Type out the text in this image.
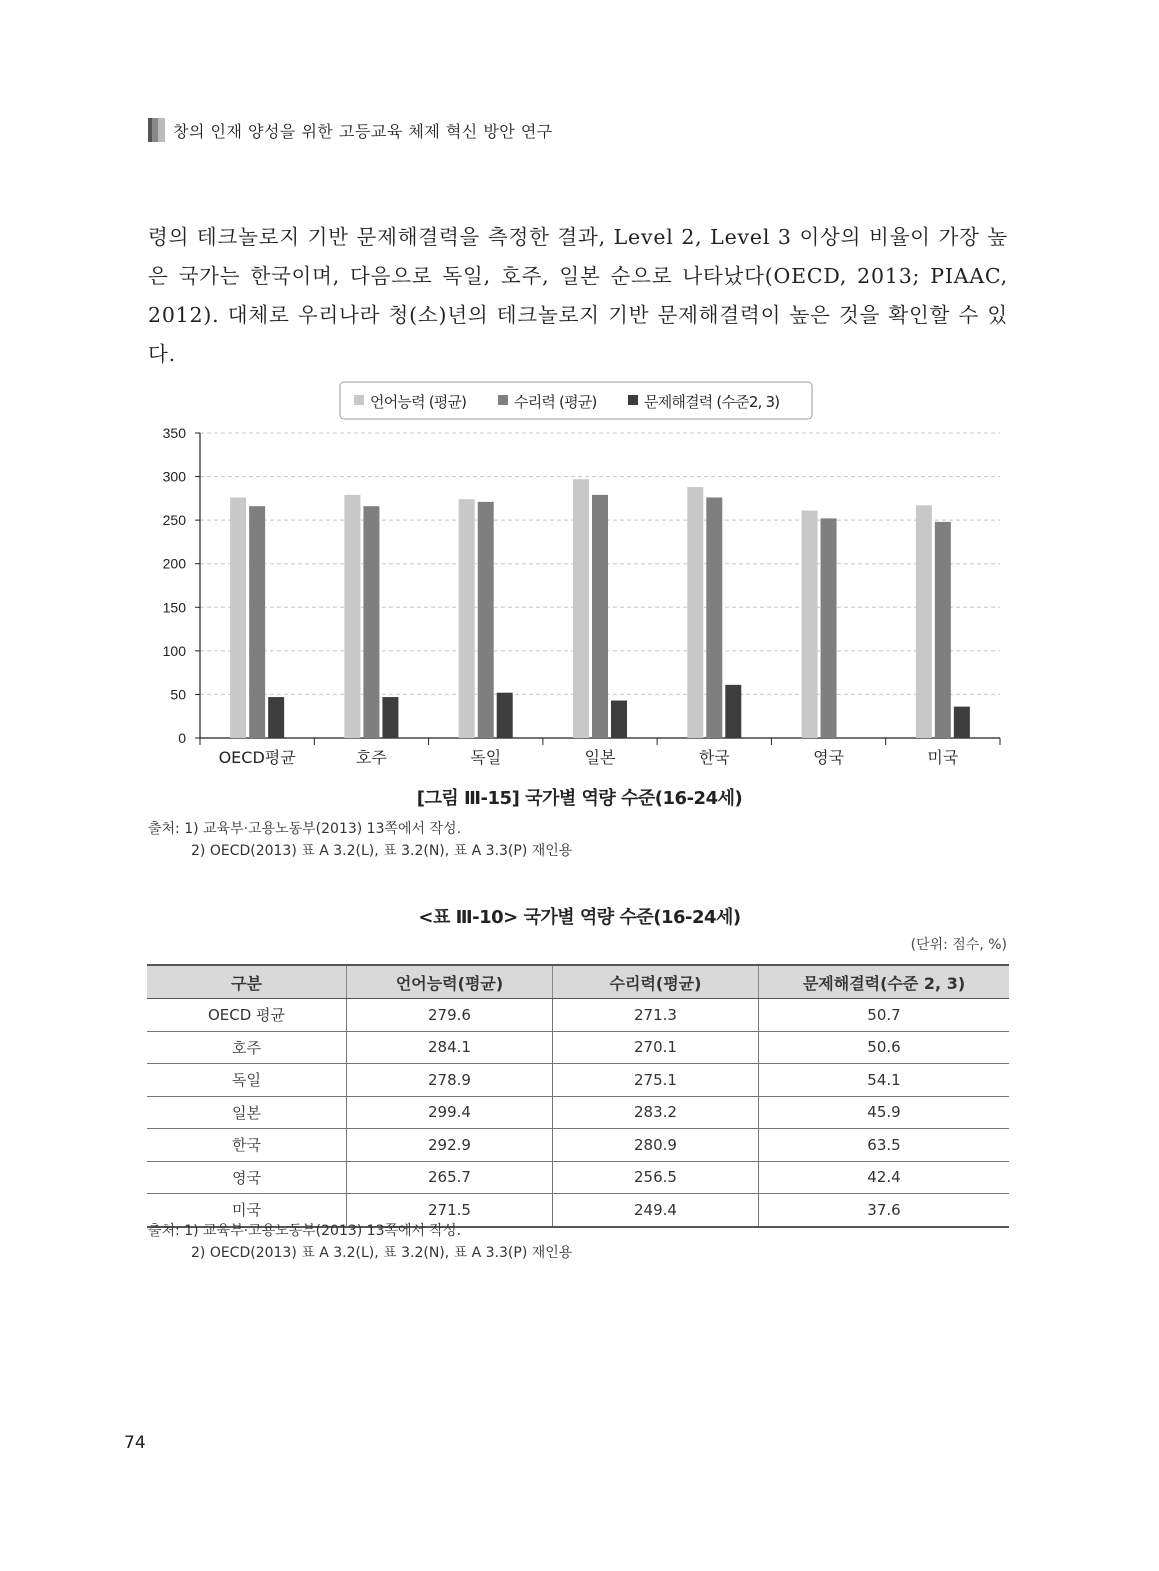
창의 인재 양성을 위한 고등교육 체제 혁신 방안 연구

령의 테크놀로지 기반 문제해결력을 측정한 결과, Level 2, Level 3 이상의 비율이 가장 높은 국가는 한국이며, 다음으로 독일, 호주, 일본 순으로 나타났다(OECD, 2013; PIAAC, 2012). 대체로 우리나라 청(소)년의 테크놀로지 기반 문제해결력이 높은 것을 확인할 수 있다.

0
50
100
150
200
250
300
350
OECD평균	호주	독일	일본	한국	영국	미국
언어능력 (평균)	수리력 (평균)	문제해결력 (수준2, 3)
[그림 Ⅲ-15] 국가별 역량 수준(16-24세)
출처: 1) 교육부·고용노동부(2013) 13쪽에서 작성.
2) OECD(2013) 표 A 3.2(L), 표 3.2(N), 표 A 3.3(P) 재인용
<표 Ⅲ-10> 국가별 역량 수준(16-24세)
(단위: 점수, %)
구분	언어능력(평균)	수리력(평균)	문제해결력(수준 2, 3)
OECD 평균	279.6	271.3	50.7
호주	284.1	270.1	50.6
독일	278.9	275.1	54.1
일본	299.4	283.2	45.9
한국	292.9	280.9	63.5
영국	265.7	256.5	42.4
미국	271.5	249.4	37.6
출처: 1) 교육부·고용노동부(2013) 13쪽에서 작성.
2) OECD(2013) 표 A 3.2(L), 표 3.2(N), 표 A 3.3(P) 재인용
74
